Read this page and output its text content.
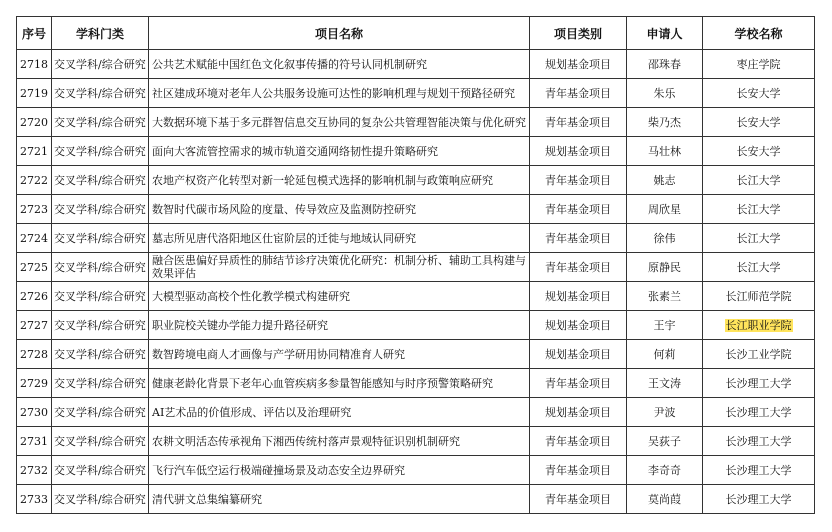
序号	学科门类	项目名称	项目类别	申请人	学校名称
2718	交叉学科/综合研究	公共艺术赋能中国红色文化叙事传播的符号认同机制研究	规划基金项目	邵珠春	枣庄学院
2719	交叉学科/综合研究	社区建成环境对老年人公共服务设施可达性的影响机理与规划干预路径研究	青年基金项目	朱乐	长安大学
2720	交叉学科/综合研究	大数据环境下基于多元群智信息交互协同的复杂公共管理智能决策与优化研究	青年基金项目	柴乃杰	长安大学
2721	交叉学科/综合研究	面向大客流管控需求的城市轨道交通网络韧性提升策略研究	规划基金项目	马壮林	长安大学
2722	交叉学科/综合研究	农地产权资产化转型对新一轮延包模式选择的影响机制与政策响应研究	青年基金项目	姚志	长江大学
2723	交叉学科/综合研究	数智时代碳市场风险的度量、传导效应及监测防控研究	青年基金项目	周欣星	长江大学
2724	交叉学科/综合研究	墓志所见唐代洛阳地区仕宦阶层的迁徙与地域认同研究	青年基金项目	徐伟	长江大学
2725	交叉学科/综合研究	融合医患偏好异质性的肺结节诊疗决策优化研究：机制分析、辅助工具构建与效果评估	青年基金项目	原静民	长江大学
2726	交叉学科/综合研究	大模型驱动高校个性化教学模式构建研究	规划基金项目	张素兰	长江师范学院
2727	交叉学科/综合研究	职业院校关键办学能力提升路径研究	规划基金项目	王宇	长江职业学院
2728	交叉学科/综合研究	数智跨境电商人才画像与产学研用协同精准育人研究	规划基金项目	何莉	长沙工业学院
2729	交叉学科/综合研究	健康老龄化背景下老年心血管疾病多参量智能感知与时序预警策略研究	青年基金项目	王文涛	长沙理工大学
2730	交叉学科/综合研究	AI艺术品的价值形成、评估以及治理研究	规划基金项目	尹波	长沙理工大学
2731	交叉学科/综合研究	农耕文明活态传承视角下湘西传统村落声景观特征识别机制研究	青年基金项目	吴荻子	长沙理工大学
2732	交叉学科/综合研究	飞行汽车低空运行极端碰撞场景及动态安全边界研究	青年基金项目	李奇奇	长沙理工大学
2733	交叉学科/综合研究	清代骈文总集编纂研究	青年基金项目	莫尚葭	长沙理工大学
